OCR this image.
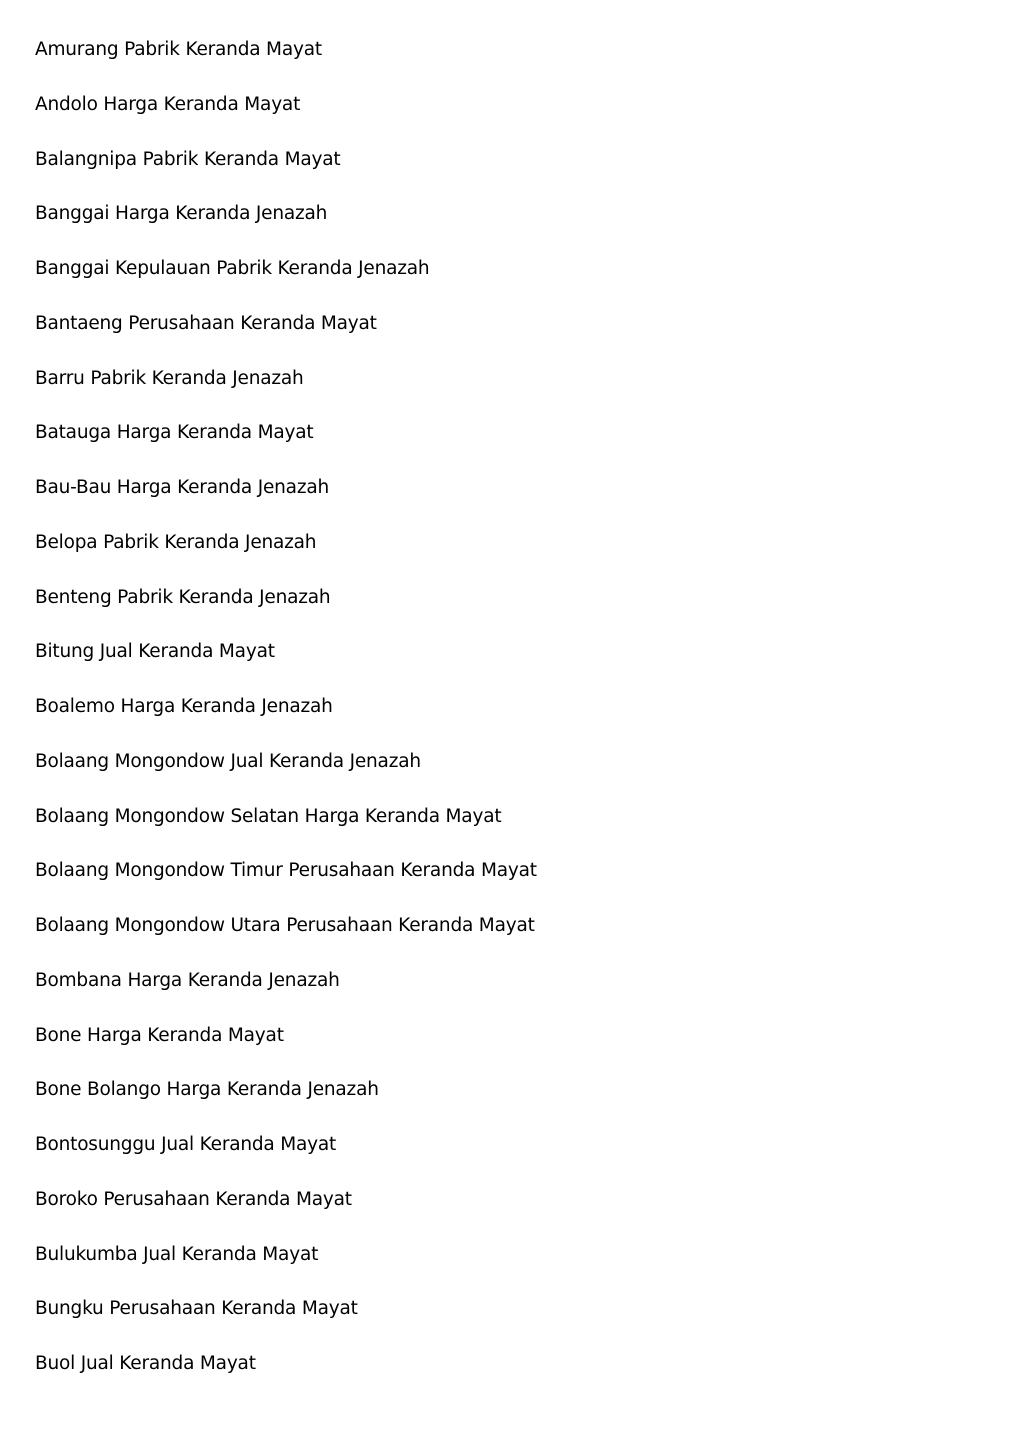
Amurang Pabrik Keranda Mayat
Andolo Harga Keranda Mayat
Balangnipa Pabrik Keranda Mayat
Banggai Harga Keranda Jenazah
Banggai Kepulauan Pabrik Keranda Jenazah
Bantaeng Perusahaan Keranda Mayat
Barru Pabrik Keranda Jenazah
Batauga Harga Keranda Mayat
Bau-Bau Harga Keranda Jenazah
Belopa Pabrik Keranda Jenazah
Benteng Pabrik Keranda Jenazah
Bitung Jual Keranda Mayat
Boalemo Harga Keranda Jenazah
Bolaang Mongondow Jual Keranda Jenazah
Bolaang Mongondow Selatan Harga Keranda Mayat
Bolaang Mongondow Timur Perusahaan Keranda Mayat
Bolaang Mongondow Utara Perusahaan Keranda Mayat
Bombana Harga Keranda Jenazah
Bone Harga Keranda Mayat
Bone Bolango Harga Keranda Jenazah
Bontosunggu Jual Keranda Mayat
Boroko Perusahaan Keranda Mayat
Bulukumba Jual Keranda Mayat
Bungku Perusahaan Keranda Mayat
Buol Jual Keranda Mayat
